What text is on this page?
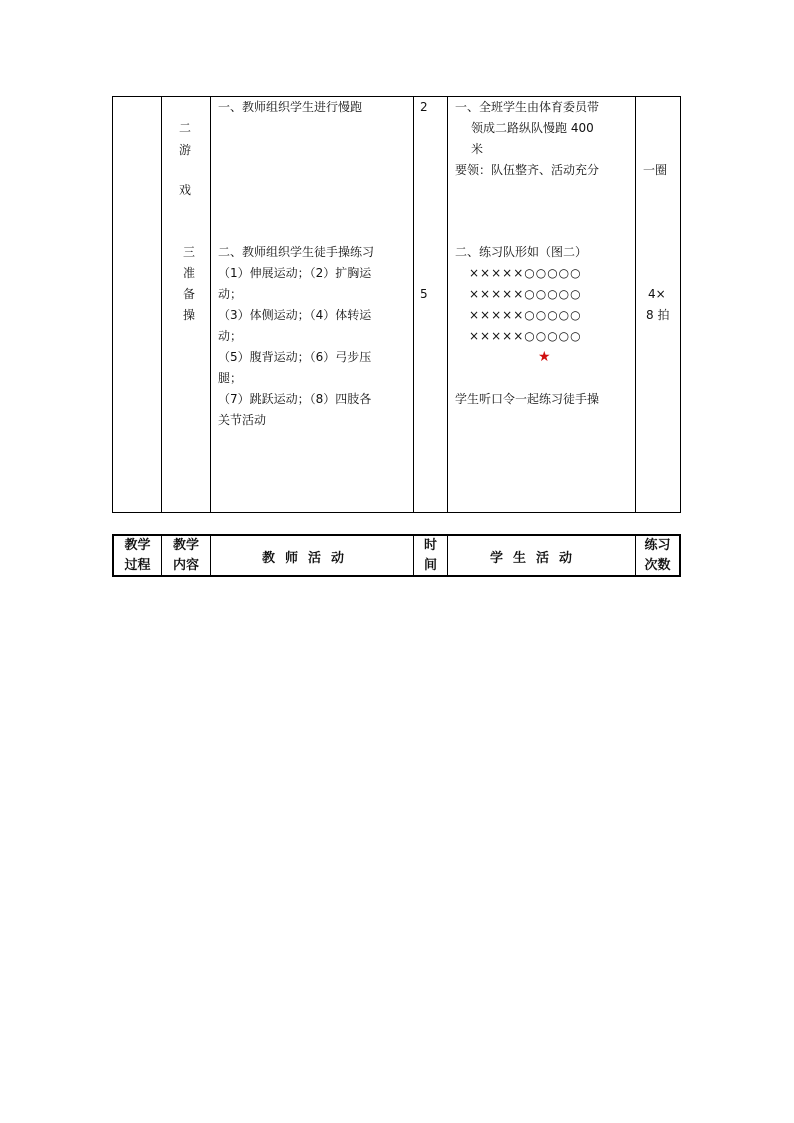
二
游
戏
三
准
备
操
一、教师组织学生进行慢跑
二、教师组织学生徒手操练习
（1）伸展运动；（2）扩胸运
动；
（3）体侧运动；（4）体转运
动；
（5）腹背运动；（6）弓步压
腿；
（7）跳跃运动；（8）四肢各
关节活动
2
5
一、全班学生由体育委员带
领成二路纵队慢跑 400
米
要领：队伍整齐、活动充分
二、练习队形如（图二）
×××××○○○○○
×××××○○○○○
×××××○○○○○
×××××○○○○○
★
学生听口令一起练习徒手操
一圈
4×
8 拍
教学
过程
教学
内容	教师活动
时
间	学生活动
练习
次数
